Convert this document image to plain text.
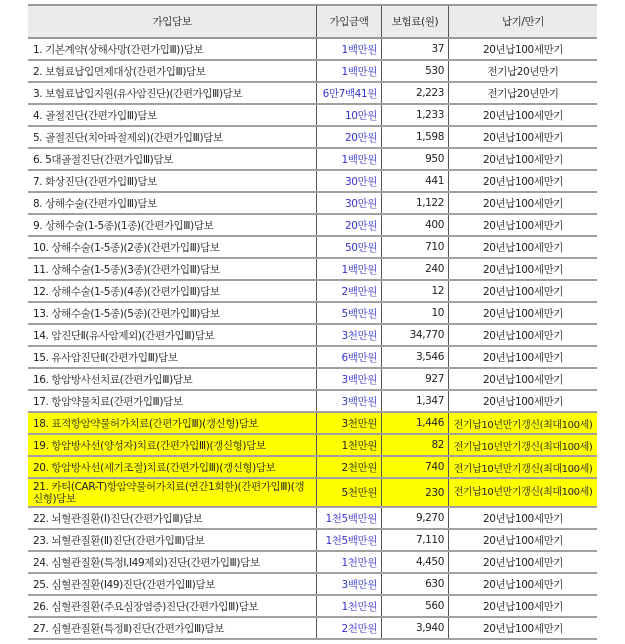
가입담보	가입금액	보험료(원)	납기/만기
1. 기본계약(상해사망(간편가입Ⅲ))담보	1백만원	37	20년납100세만기
2. 보험료납입면제대상(간편가입Ⅲ)담보	1백만원	530	전기납20년만기
3. 보험료납입지원(유사암진단)(간편가입Ⅲ)담보	6만7백41원	2,223	전기납20년만기
4. 골절진단(간편가입Ⅲ)담보	10만원	1,233	20년납100세만기
5. 골절진단(치아파절제외)(간편가입Ⅲ)담보	20만원	1,598	20년납100세만기
6. 5대골절진단(간편가입Ⅲ)담보	1백만원	950	20년납100세만기
7. 화상진단(간편가입Ⅲ)담보	30만원	441	20년납100세만기
8. 상해수술(간편가입Ⅲ)담보	30만원	1,122	20년납100세만기
9. 상해수술(1-5종)(1종)(간편가입Ⅲ)담보	20만원	400	20년납100세만기
10. 상해수술(1-5종)(2종)(간편가입Ⅲ)담보	50만원	710	20년납100세만기
11. 상해수술(1-5종)(3종)(간편가입Ⅲ)담보	1백만원	240	20년납100세만기
12. 상해수술(1-5종)(4종)(간편가입Ⅲ)담보	2백만원	12	20년납100세만기
13. 상해수술(1-5종)(5종)(간편가입Ⅲ)담보	5백만원	10	20년납100세만기
14. 암진단Ⅱ(유사암제외)(간편가입Ⅲ)담보	3천만원	34,770	20년납100세만기
15. 유사암진단Ⅱ(간편가입Ⅲ)담보	6백만원	3,546	20년납100세만기
16. 항암방사선치료(간편가입Ⅲ)담보	3백만원	927	20년납100세만기
17. 항암약물치료(간편가입Ⅲ)담보	3백만원	1,347	20년납100세만기
18. 표적항암약물허가치료(간편가입Ⅲ)(갱신형)담보	3천만원	1,446	전기납10년만기갱신(최대100세)
19. 항암방사선(양성자)치료(간편가입Ⅲ)(갱신형)담보	1천만원	82	전기납10년만기갱신(최대100세)
20. 항암방사선(세기조절)치료(간편가입Ⅲ)(갱신형)담보	2천만원	740	전기납10년만기갱신(최대100세)
21. 카티(CAR-T)항암약물허가치료(연간1회한)(간편가입Ⅲ)(갱신형)담보	5천만원	230	전기납10년만기갱신(최대100세)
22. 뇌혈관질환(Ⅰ)진단(간편가입Ⅲ)담보	1천5백만원	9,270	20년납100세만기
23. 뇌혈관질환(Ⅱ)진단(간편가입Ⅲ)담보	1천5백만원	7,110	20년납100세만기
24. 심혈관질환(특정Ⅰ,I49제외)진단(간편가입Ⅲ)담보	1천만원	4,450	20년납100세만기
25. 심혈관질환(I49)진단(간편가입Ⅲ)담보	3백만원	630	20년납100세만기
26. 심혈관질환(주요심장염증)진단(간편가입Ⅲ)담보	1천만원	560	20년납100세만기
27. 심혈관질환(특정Ⅱ)진단(간편가입Ⅲ)담보	2천만원	3,940	20년납100세만기
